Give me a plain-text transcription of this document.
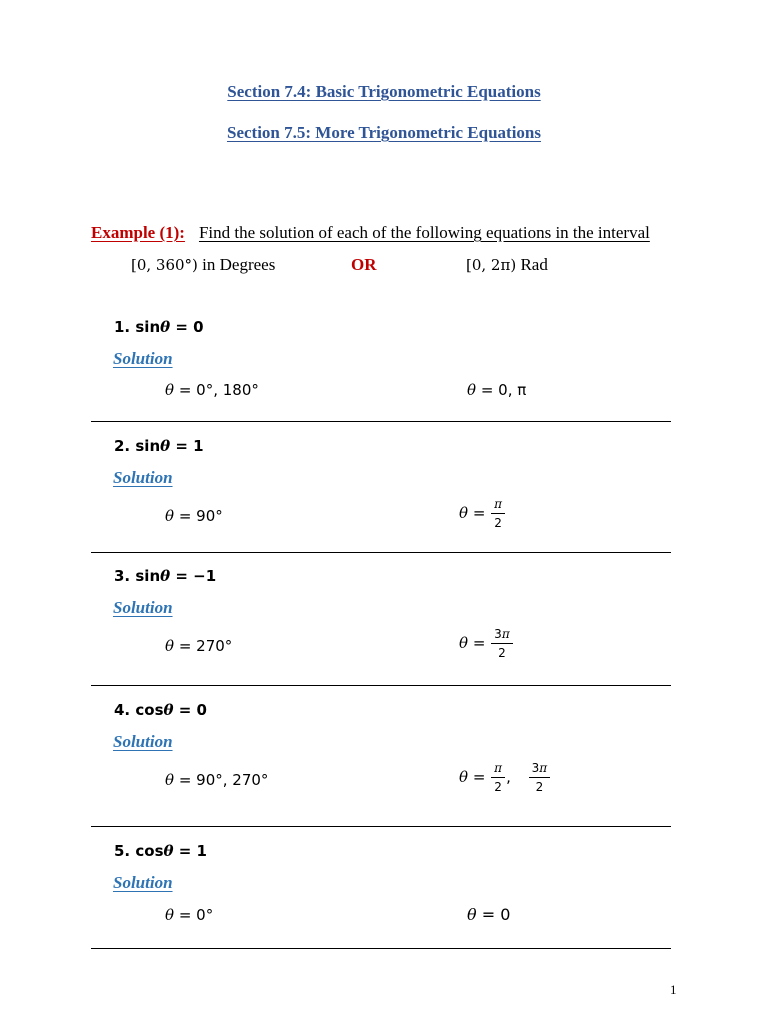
Section 7.4: Basic Trigonometric Equations
Section 7.5: More Trigonometric Equations
Example (1): Find the solution of each of the following equations in the interval
[0, 360°) in Degrees	OR	[0, 2π) Rad
1. sinθ = 0
Solution
θ = 0°, 180°	θ = 0, π
2. sinθ = 1
Solution
θ = 90°	$\theta = \frac{\pi}{2}$
3. sinθ = −1
Solution
θ = 270°	$\theta = \frac{3\pi}{2}$
4. cosθ = 0
Solution
θ = 90°, 270°	$\theta = \frac{\pi}{2}$ , $\frac{3\pi}{2}$
5. cosθ = 1
Solution
θ = 0°	θ = 0
1
